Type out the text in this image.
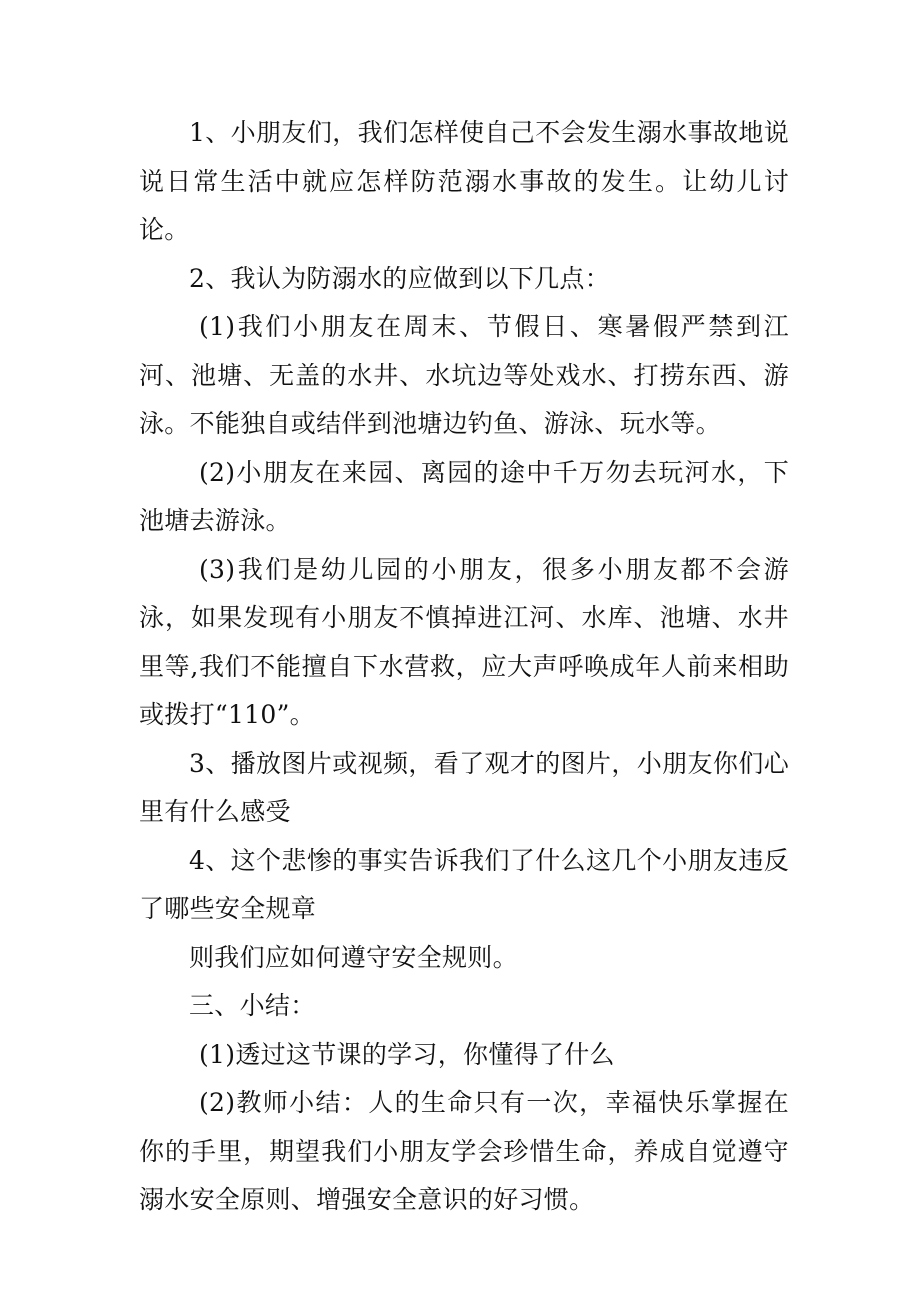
1、小朋友们，我们怎样使自己不会发生溺水事故地说说日常生活中就应怎样防范溺水事故的发生。让幼儿讨论。

2、我认为防溺水的应做到以下几点：

(1)我们小朋友在周末、节假日、寒暑假严禁到江河、池塘、无盖的水井、水坑边等处戏水、打捞东西、游泳。不能独自或结伴到池塘边钓鱼、游泳、玩水等。

(2)小朋友在来园、离园的途中千万勿去玩河水，下池塘去游泳。

(3)我们是幼儿园的小朋友，很多小朋友都不会游泳，如果发现有小朋友不慎掉进江河、水库、池塘、水井里等,我们不能擅自下水营救，应大声呼唤成年人前来相助或拨打“110”。

3、播放图片或视频，看了观才的图片，小朋友你们心里有什么感受

4、这个悲惨的事实告诉我们了什么这几个小朋友违反了哪些安全规章

则我们应如何遵守安全规则。

三、小结：

(1)透过这节课的学习，你懂得了什么

(2)教师小结：人的生命只有一次，幸福快乐掌握在你的手里，期望我们小朋友学会珍惜生命，养成自觉遵守溺水安全原则、增强安全意识的好习惯。
